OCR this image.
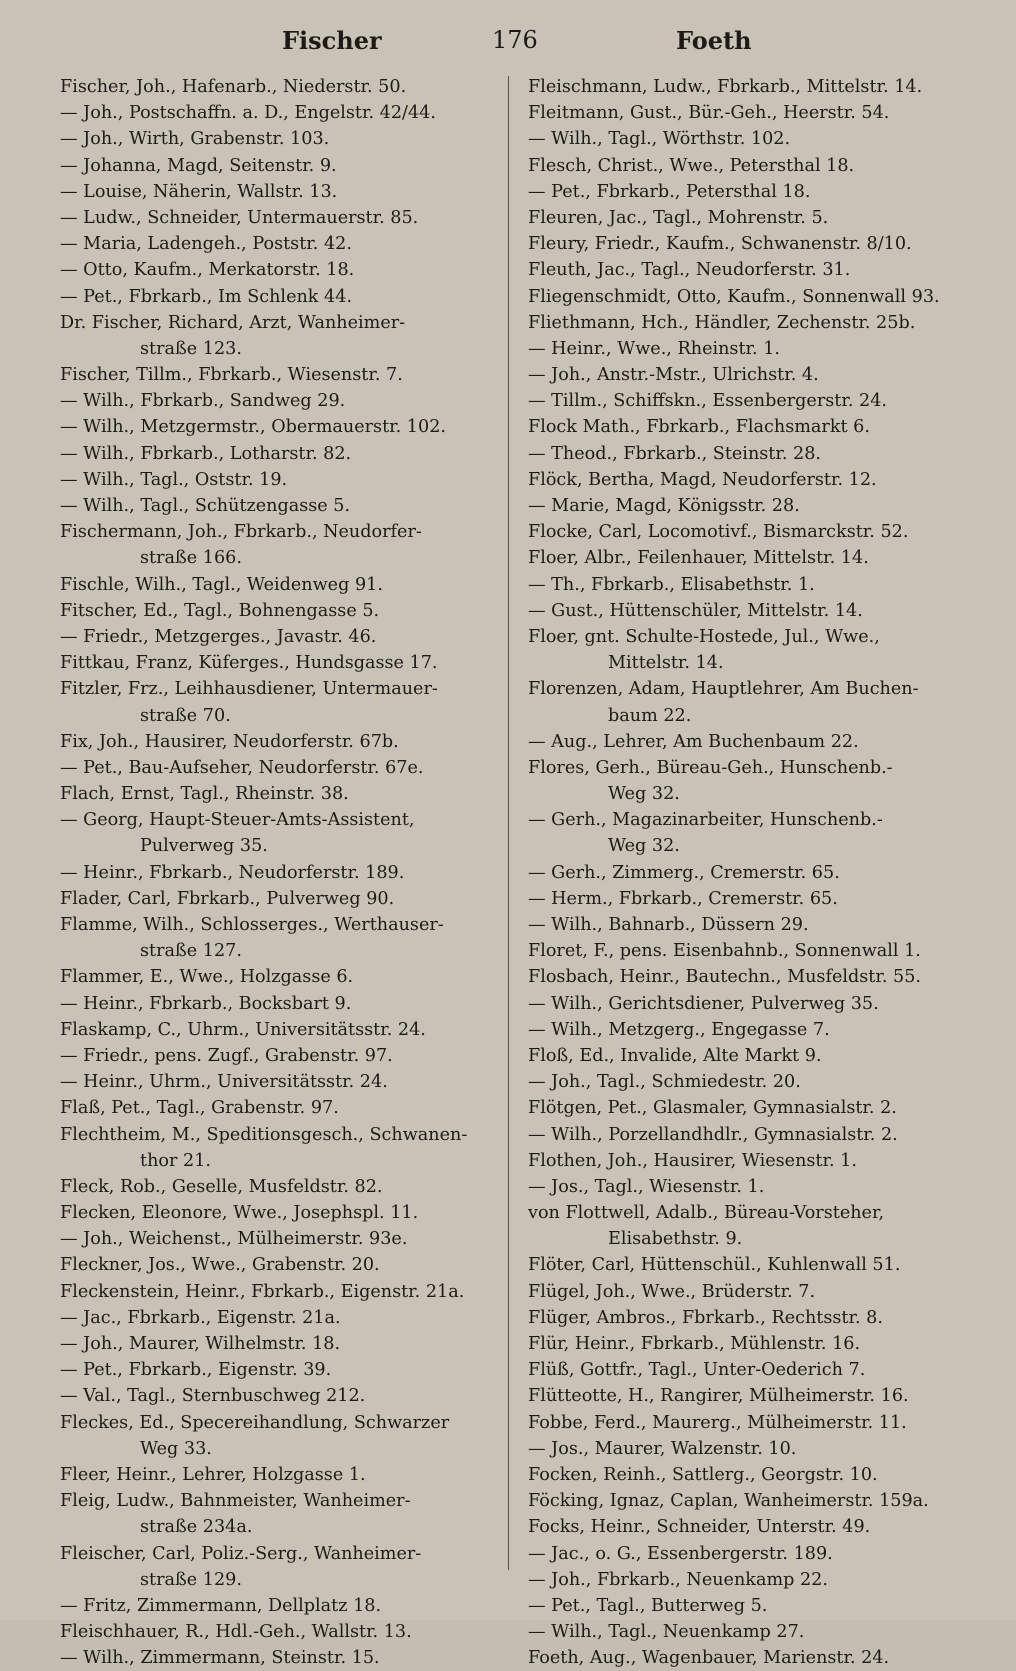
Fischer	176	Foeth
Fischer, Joh., Hafenarb., Niederstr. 50.
— Joh., Postschaffn. a. D., Engelstr. 42/44.
— Joh., Wirth, Grabenstr. 103.
— Johanna, Magd, Seitenstr. 9.
— Louise, Näherin, Wallstr. 13.
— Ludw., Schneider, Untermauerstr. 85.
— Maria, Ladengeh., Poststr. 42.
— Otto, Kaufm., Merkatorstr. 18.
— Pet., Fbrkarb., Im Schlenk 44.
Dr. Fischer, Richard, Arzt, Wanheimer-
straße 123.
Fischer, Tillm., Fbrkarb., Wiesenstr. 7.
— Wilh., Fbrkarb., Sandweg 29.
— Wilh., Metzgermstr., Obermauerstr. 102.
— Wilh., Fbrkarb., Lotharstr. 82.
— Wilh., Tagl., Oststr. 19.
— Wilh., Tagl., Schützengasse 5.
Fischermann, Joh., Fbrkarb., Neudorfer-
straße 166.
Fischle, Wilh., Tagl., Weidenweg 91.
Fitscher, Ed., Tagl., Bohnengasse 5.
— Friedr., Metzgerges., Javastr. 46.
Fittkau, Franz, Küferges., Hundsgasse 17.
Fitzler, Frz., Leihhausdiener, Untermauer-
straße 70.
Fix, Joh., Hausirer, Neudorferstr. 67b.
— Pet., Bau-Aufseher, Neudorferstr. 67e.
Flach, Ernst, Tagl., Rheinstr. 38.
— Georg, Haupt-Steuer-Amts-Assistent,
Pulverweg 35.
— Heinr., Fbrkarb., Neudorferstr. 189.
Flader, Carl, Fbrkarb., Pulverweg 90.
Flamme, Wilh., Schlosserges., Werthauser-
straße 127.
Flammer, E., Wwe., Holzgasse 6.
— Heinr., Fbrkarb., Bocksbart 9.
Flaskamp, C., Uhrm., Universitätsstr. 24.
— Friedr., pens. Zugf., Grabenstr. 97.
— Heinr., Uhrm., Universitätsstr. 24.
Flaß, Pet., Tagl., Grabenstr. 97.
Flechtheim, M., Speditionsgesch., Schwanen-
thor 21.
Fleck, Rob., Geselle, Musfeldstr. 82.
Flecken, Eleonore, Wwe., Josephspl. 11.
— Joh., Weichenst., Mülheimerstr. 93e.
Fleckner, Jos., Wwe., Grabenstr. 20.
Fleckenstein, Heinr., Fbrkarb., Eigenstr. 21a.
— Jac., Fbrkarb., Eigenstr. 21a.
— Joh., Maurer, Wilhelmstr. 18.
— Pet., Fbrkarb., Eigenstr. 39.
— Val., Tagl., Sternbuschweg 212.
Fleckes, Ed., Specereihandlung, Schwarzer
Weg 33.
Fleer, Heinr., Lehrer, Holzgasse 1.
Fleig, Ludw., Bahnmeister, Wanheimer-
straße 234a.
Fleischer, Carl, Poliz.-Serg., Wanheimer-
straße 129.
— Fritz, Zimmermann, Dellplatz 18.
Fleischhauer, R., Hdl.-Geh., Wallstr. 13.
— Wilh., Zimmermann, Steinstr. 15.
Fleischmann, Ludw., Fbrkarb., Mittelstr. 14.
Fleitmann, Gust., Bür.-Geh., Heerstr. 54.
— Wilh., Tagl., Wörthstr. 102.
Flesch, Christ., Wwe., Petersthal 18.
— Pet., Fbrkarb., Petersthal 18.
Fleuren, Jac., Tagl., Mohrenstr. 5.
Fleury, Friedr., Kaufm., Schwanenstr. 8/10.
Fleuth, Jac., Tagl., Neudorferstr. 31.
Fliegenschmidt, Otto, Kaufm., Sonnenwall 93.
Fliethmann, Hch., Händler, Zechenstr. 25b.
— Heinr., Wwe., Rheinstr. 1.
— Joh., Anstr.-Mstr., Ulrichstr. 4.
— Tillm., Schiffskn., Essenbergerstr. 24.
Flock Math., Fbrkarb., Flachsmarkt 6.
— Theod., Fbrkarb., Steinstr. 28.
Flöck, Bertha, Magd, Neudorferstr. 12.
— Marie, Magd, Königsstr. 28.
Flocke, Carl, Locomotivf., Bismarckstr. 52.
Floer, Albr., Feilenhauer, Mittelstr. 14.
— Th., Fbrkarb., Elisabethstr. 1.
— Gust., Hüttenschüler, Mittelstr. 14.
Floer, gnt. Schulte-Hostede, Jul., Wwe.,
Mittelstr. 14.
Florenzen, Adam, Hauptlehrer, Am Buchen-
baum 22.
— Aug., Lehrer, Am Buchenbaum 22.
Flores, Gerh., Büreau-Geh., Hunschenb.-
Weg 32.
— Gerh., Magazinarbeiter, Hunschenb.-
Weg 32.
— Gerh., Zimmerg., Cremerstr. 65.
— Herm., Fbrkarb., Cremerstr. 65.
— Wilh., Bahnarb., Düssern 29.
Floret, F., pens. Eisenbahnb., Sonnenwall 1.
Flosbach, Heinr., Bautechn., Musfeldstr. 55.
— Wilh., Gerichtsdiener, Pulverweg 35.
— Wilh., Metzgerg., Engegasse 7.
Floß, Ed., Invalide, Alte Markt 9.
— Joh., Tagl., Schmiedestr. 20.
Flötgen, Pet., Glasmaler, Gymnasialstr. 2.
— Wilh., Porzellandhdlr., Gymnasialstr. 2.
Flothen, Joh., Hausirer, Wiesenstr. 1.
— Jos., Tagl., Wiesenstr. 1.
von Flottwell, Adalb., Büreau-Vorsteher,
Elisabethstr. 9.
Flöter, Carl, Hüttenschül., Kuhlenwall 51.
Flügel, Joh., Wwe., Brüderstr. 7.
Flüger, Ambros., Fbrkarb., Rechtsstr. 8.
Flür, Heinr., Fbrkarb., Mühlenstr. 16.
Flüß, Gottfr., Tagl., Unter-Oederich 7.
Flütteotte, H., Rangirer, Mülheimerstr. 16.
Fobbe, Ferd., Maurerg., Mülheimerstr. 11.
— Jos., Maurer, Walzenstr. 10.
Focken, Reinh., Sattlerg., Georgstr. 10.
Föcking, Ignaz, Caplan, Wanheimerstr. 159a.
Focks, Heinr., Schneider, Unterstr. 49.
— Jac., o. G., Essenbergerstr. 189.
— Joh., Fbrkarb., Neuenkamp 22.
— Pet., Tagl., Butterweg 5.
— Wilh., Tagl., Neuenkamp 27.
Foeth, Aug., Wagenbauer, Marienstr. 24.
